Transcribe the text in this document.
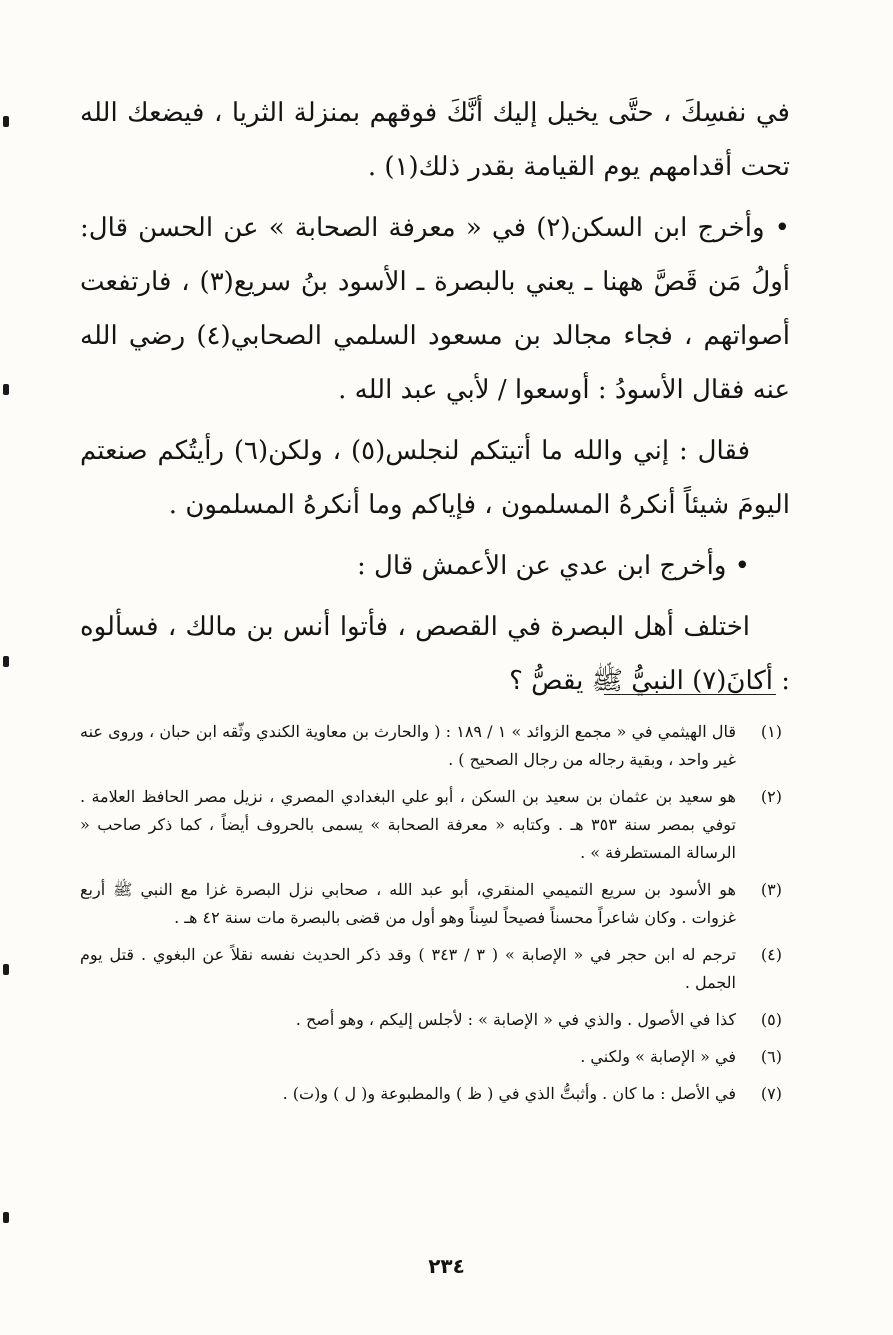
في نفسِكَ ، حتَّى يخيل إليك أنَّكَ فوقهم بمنزلة الثريا ، فيضعك الله تحت أقدامهم يوم القيامة بقدر ذلك(١) .

• وأخرج ابن السكن(٢) في « معرفة الصحابة » عن الحسن قال: أولُ مَن قَصَّ ههنا ـ يعني بالبصرة ـ الأسود بنُ سريع(٣) ، فارتفعت أصواتهم ، فجاء مجالد بن مسعود السلمي الصحابي(٤) رضي الله عنه فقال الأسودُ : أوسعوا / لأبي عبد الله .

فقال : إني والله ما أتيتكم لنجلس(٥) ، ولكن(٦) رأيتُكم صنعتم اليومَ شيئاً أنكرهُ المسلمون ، فإياكم وما أنكرهُ المسلمون .

• وأخرج ابن عدي عن الأعمش قال :

اختلف أهل البصرة في القصص ، فأتوا أنس بن مالك ، فسألوه : أكانَ(٧) النبيُّ ﷺ يقصُّ ؟

(١)
قال الهيثمي في « مجمع الزوائد » ١ / ١٨٩ : ( والحارث بن معاوية الكندي وثّقه ابن حبان ، وروى عنه غير واحد ، وبقية رجاله من رجال الصحيح ) .
(٢)
هو سعيد بن عثمان بن سعيد بن السكن ، أبو علي البغدادي المصري ، نزيل مصر الحافظ العلامة . توفي بمصر سنة ٣٥٣ هـ . وكتابه « معرفة الصحابة » يسمى بالحروف أيضاً ، كما ذكر صاحب « الرسالة المستطرفة » .
(٣)
هو الأسود بن سريع التميمي المنقري، أبو عبد الله ، صحابي نزل البصرة غزا مع النبي ﷺ أربع غزوات . وكان شاعراً محسناً فصيحاً لسِناً وهو أول من قضى بالبصرة مات سنة ٤٢ هـ .
(٤)
ترجم له ابن حجر في « الإصابة » ( ٣ / ٣٤٣ ) وقد ذكر الحديث نفسه نقلاً عن البغوي . قتل يوم الجمل .
(٥)
كذا في الأصول . والذي في « الإصابة » : لأجلس إليكم ، وهو أصح .
(٦)
في « الإصابة » ولكني .
(٧)
في الأصل : ما كان . وأثبتُّ الذي في ( ظ ) والمطبوعة و( ل ) و(ت) .
٢٣٤
